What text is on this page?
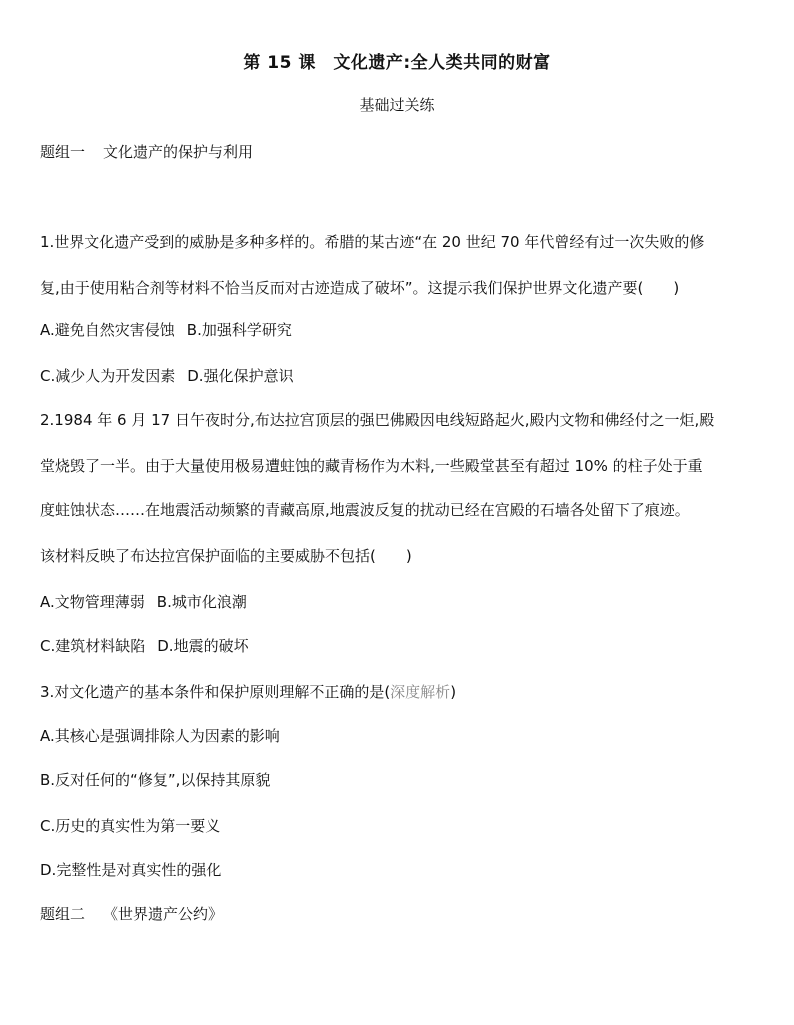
第 15 课　文化遗产:全人类共同的财富
基础过关练
题组一 文化遗产的保护与利用
1.世界文化遗产受到的威胁是多种多样的。希腊的某古迹“在 20 世纪 70 年代曾经有过一次失败的修
复,由于使用粘合剂等材料不恰当反而对古迹造成了破坏”。这提示我们保护世界文化遗产要(　　)
A.避免自然灾害侵蚀 B.加强科学研究
C.减少人为开发因素 D.强化保护意识
2.1984 年 6 月 17 日午夜时分,布达拉宫顶层的强巴佛殿因电线短路起火,殿内文物和佛经付之一炬,殿
堂烧毁了一半。由于大量使用极易遭蛀蚀的藏青杨作为木料,一些殿堂甚至有超过 10% 的柱子处于重
度蛀蚀状态……在地震活动频繁的青藏高原,地震波反复的扰动已经在宫殿的石墙各处留下了痕迹。
该材料反映了布达拉宫保护面临的主要威胁不包括(　　)
A.文物管理薄弱 B.城市化浪潮
C.建筑材料缺陷 D.地震的破坏
3.对文化遗产的基本条件和保护原则理解不正确的是(深度解析)
A.其核心是强调排除人为因素的影响
B.反对任何的“修复”,以保持其原貌
C.历史的真实性为第一要义
D.完整性是对真实性的强化
题组二 《世界遗产公约》
